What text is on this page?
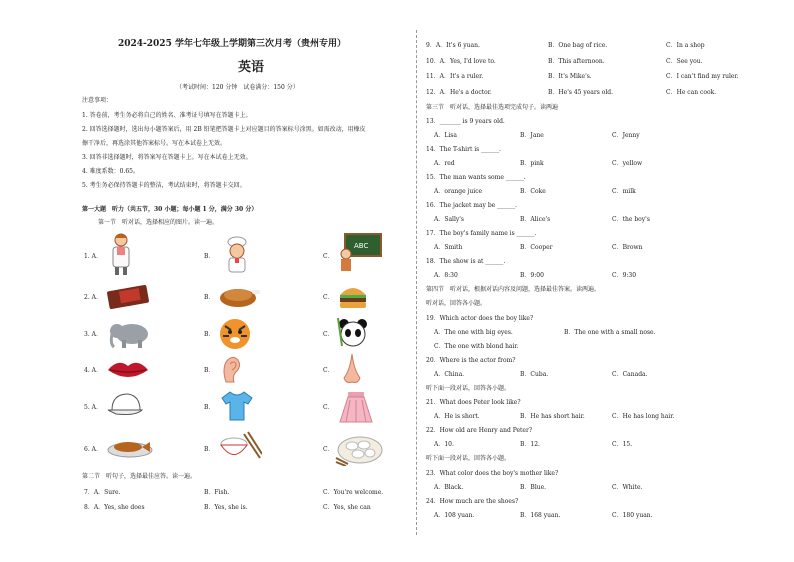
2024-2025 学年七年级上学期第三次月考（贵州专用）
英语
（考试时间：120 分钟　试卷满分：150 分）
注意事项：
1. 答卷前，考生务必将自己的姓名、准考证号填写在答题卡上。
2. 回答选择题时，选出每小题答案后，用 2B 铅笔把答题卡上对应题目的答案标号涂黑。如需改动，用橡皮
擦干净后，再选涂其他答案标号。写在本试卷上无效。
3. 回答非选择题时，将答案写在答题卡上。写在本试卷上无效。
4. 难度系数：0.65。
5. 考生务必保持答题卡的整洁，考试结束时，将答题卡交回。
第一大题　听力（共五节，30 小题；每小题 1 分，满分 30 分）
第一节　听对话，选择相应的图片。读一遍。
1. A．	B．	C．
ABC
2. A．	B．	C．
3. A．	B．	C．
4. A．	B．	C．
5. A．	B．	C．
6. A．	B．	C．
第二节　听句子，选择最佳应答。读一遍。
7．A．Sure.	B．Fish.	C．You're welcome.
8．A．Yes, she does	B．Yes, she is.	C．Yes, she can
9．A．It's 6 yuan.	B．One bag of rice.	C．In a shop
10．A．Yes, I'd love to.	B．This afternoon.	C．See you.
11．A．It's a ruler.	B．It's Mike's.	C．I can't find my ruler.
12．A．He's a doctor.	B．He's 45 years old.	C．He can cook.
第三节　听对话，选择最佳选项完成句子。读两遍
13．_______ is 9 years old.
A．Lisa	B．Jane	C．Jenny
14．The T-shirt is ______.
A．red	B．pink	C．yellow
15．The man wants some ______.
A．orange juice	B．Coke	C．milk
16．The jacket may be ______.
A．Sally's	B．Alice's	C．the boy's
17．The boy's family name is ______.
A．Smith	B．Cooper	C．Brown
18．The show is at ______.
A．8:30	B．9:00	C．9:30
第四节　听对话，根据对话内容及问题，选择最佳答案。读两遍。
听对话，回答各小题。
19．Which actor does the boy like?
A．The one with big eyes.	B．The one with a small nose.
C．The one with blond hair.
20．Where is the actor from?
A．China.	B．Cuba.	C．Canada.
听下面一段对话，回答各小题。
21．What does Peter look like?
A．He is short.	B．He has short hair.	C．He has long hair.
22．How old are Henry and Peter?
A．10.	B．12.	C．15.
听下面一段对话，回答各小题。
23．What color does the boy's mother like?
A．Black.	B．Blue.	C．White.
24．How much are the shoes?
A．108 yuan.	B．168 yuan.	C．180 yuan.
